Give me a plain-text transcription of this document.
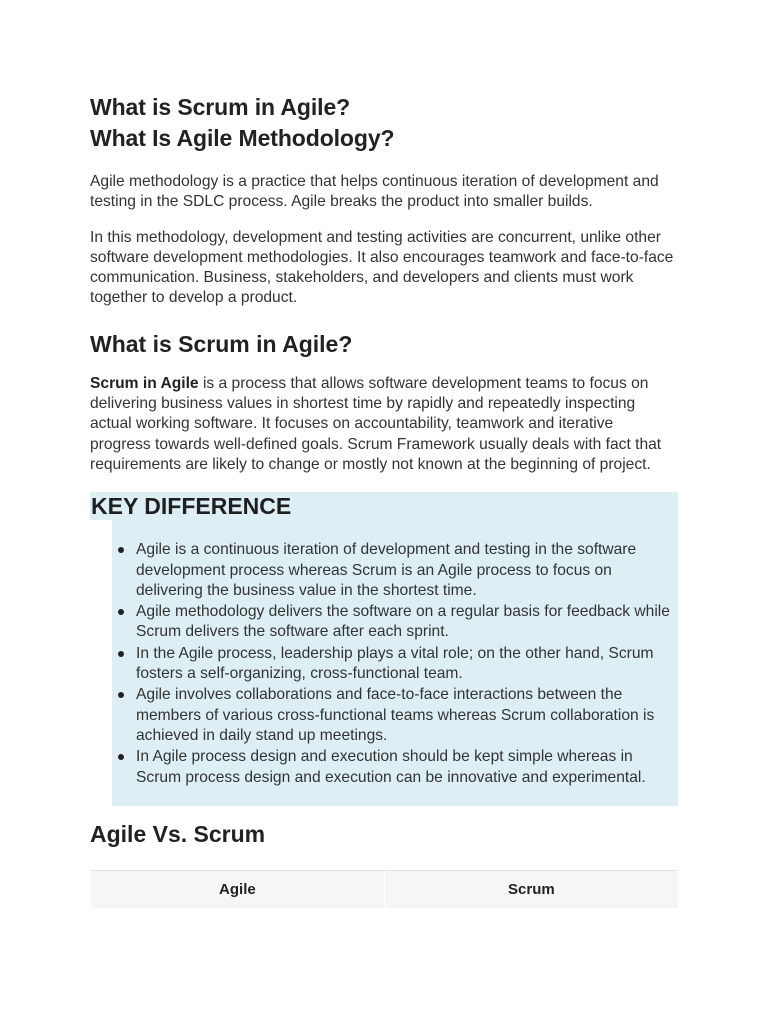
What is Scrum in Agile?
What Is Agile Methodology?

Agile methodology is a practice that helps continuous iteration of development and testing in the SDLC process. Agile breaks the product into smaller builds.

In this methodology, development and testing activities are concurrent, unlike other software development methodologies. It also encourages teamwork and face-to-face communication. Business, stakeholders, and developers and clients must work together to develop a product.

What is Scrum in Agile?

Scrum in Agile is a process that allows software development teams to focus on delivering business values in shortest time by rapidly and repeatedly inspecting actual working software. It focuses on accountability, teamwork and iterative progress towards well-defined goals. Scrum Framework usually deals with fact that requirements are likely to change or mostly not known at the beginning of project.

KEY DIFFERENCE
Agile is a continuous iteration of development and testing in the software development process whereas Scrum is an Agile process to focus on delivering the business value in the shortest time.
Agile methodology delivers the software on a regular basis for feedback while Scrum delivers the software after each sprint.
In the Agile process, leadership plays a vital role; on the other hand, Scrum fosters a self-organizing, cross-functional team.
Agile involves collaborations and face-to-face interactions between the members of various cross-functional teams whereas Scrum collaboration is achieved in daily stand up meetings.
In Agile process design and execution should be kept simple whereas in Scrum process design and execution can be innovative and experimental.
Agile Vs. Scrum
Agile	Scrum
